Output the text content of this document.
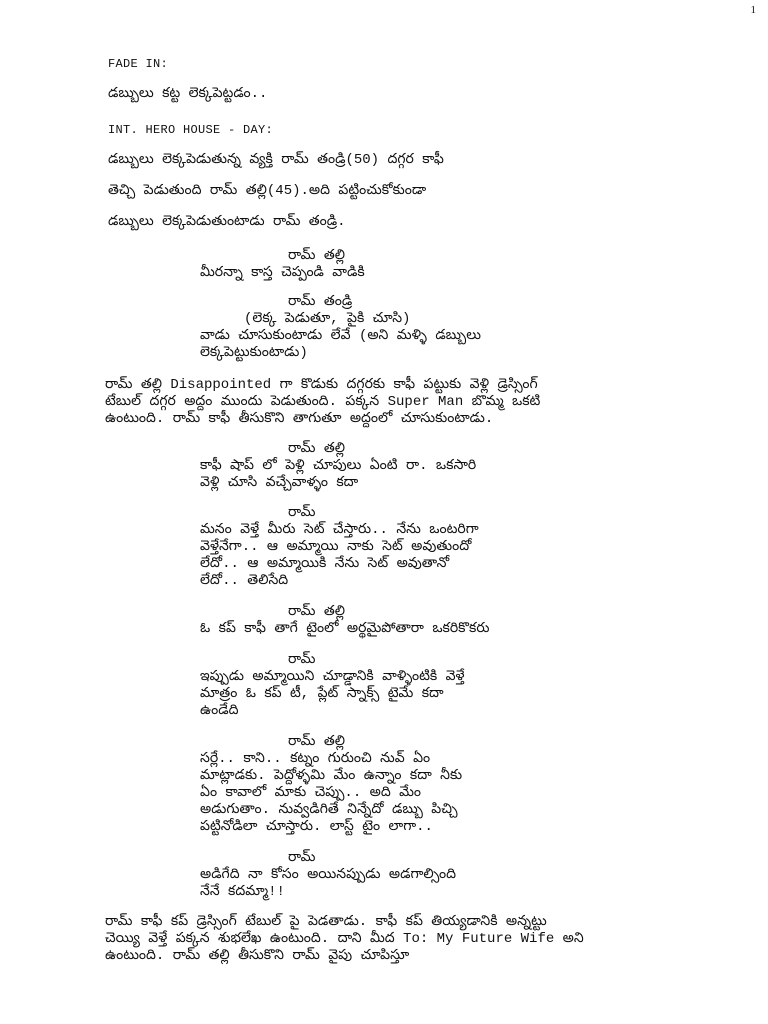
1
FADE IN:
డబ్బులు కట్ట లెక్కపెట్టడం..
INT. HERO HOUSE - DAY:
డబ్బులు లెక్కపెడుతున్న వ్యక్తి రామ్ తండ్రి(50) దగ్గర కాఫీ
తెచ్చి పెడుతుంది రామ్ తల్లి(45).అది పట్టించుకోకుండా
డబ్బులు లెక్కపెడుతుంటాడు రామ్ తండ్రి.
రామ్ తల్లి
మీరన్నా కాస్త చెప్పండి వాడికి
రామ్ తండ్రి
(లెక్క పెడుతూ, పైకి చూసి)
వాడు చూసుకుంటాడు లేవే (అని మళ్ళి డబ్బులు
లెక్కపెట్టుకుంటాడు)
రామ్ తల్లి Disappointed గా కొడుకు దగ్గరకు కాఫీ పట్టుకు వెళ్లి డ్రెస్సింగ్
టేబుల్ దగ్గర అద్దం ముందు పెడుతుంది. పక్కన Super Man బొమ్మ ఒకటి
ఉంటుంది. రామ్ కాఫీ తీసుకొని తాగుతూ అద్దంలో చూసుకుంటాడు.
రామ్ తల్లి
కాఫీ షాప్ లో పెళ్లి చూపులు ఏంటి రా. ఒకసారి
వెళ్లి చూసి వచ్చేవాళ్ళం కదా
రామ్
మనం వెళ్తే మీరు సెట్ చేస్తారు.. నేను ఒంటరిగా
వెళ్తేనేగా.. ఆ అమ్మాయి నాకు సెట్ అవుతుందో
లేదో.. ఆ అమ్మాయికి నేను సెట్ అవుతానో
లేదో.. తెలిసేది
రామ్ తల్లి
ఓ కప్ కాఫీ తాగే టైంలో అర్థమైపోతారా ఒకరికొకరు
రామ్
ఇప్పుడు అమ్మాయిని చూడ్డానికి వాళ్ళింటికి వెళ్తే
మాత్రం ఓ కప్ టీ, ప్లేట్ స్నాక్స్ టైమే కదా
ఉండేది
రామ్ తల్లి
సర్లే.. కాని.. కట్నం గురుంచి నువ్ ఏం
మాట్లాడకు. పెద్దోళ్ళమి మేం ఉన్నాం కదా నీకు
ఏం కావాలో మాకు చెప్పు.. అది మేం
అడుగుతాం. నువ్వడిగితే నిన్నేదో డబ్బు పిచ్చి
పట్టినోడిలా చూస్తారు. లాస్ట్ టైం లాగా..
రామ్
అడిగేది నా కోసం అయినప్పుడు అడగాల్సింది
నేనే కదమ్మా!!
రామ్ కాఫీ కప్ డ్రెస్సింగ్ టేబుల్ పై పెడతాడు. కాఫీ కప్ తియ్యడానికి అన్నట్టు
చెయ్యి వెళ్తే పక్కన శుభలేఖ ఉంటుంది. దాని మీద To: My Future Wife అని
ఉంటుంది. రామ్ తల్లి తీసుకొని రామ్ వైపు చూపిస్తూ
